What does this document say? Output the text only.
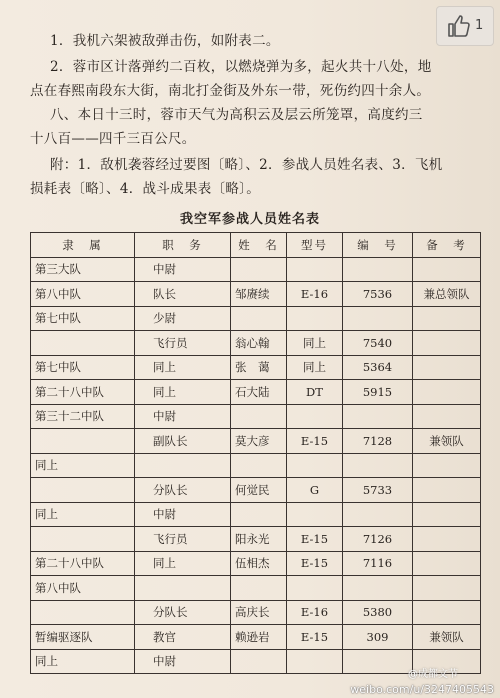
1
1．我机六架被敌弹击伤，如附表二。
2．蓉市区计落弹约二百枚，以燃烧弹为多，起火共十八处，地
点在春熙南段东大街，南北打金街及外东一带，死伤约四十余人。
八、本日十三时，蓉市天气为高积云及层云所笼罩，高度约三
十八百——四千三百公尺。
附：1．敌机袭蓉经过要图〔略〕、2．参战人员姓名表、3．飞机
损耗表〔略〕、4．战斗成果表〔略〕。
我空军参战人员姓名表
隶　属	职　务	姓　名	型号	编　号	备　考
第三大队	中尉				
第八中队	队长	邹赓续	E-16	7536	兼总领队
第七中队	少尉				
	飞行员	翁心翰	同上	7540	
第七中队	同上	张　蔼	同上	5364	
第二十八中队	同上	石大陆	DT	5915	
第三十二中队	中尉				
	副队长	莫大彦	E-15	7128	兼领队
同上					
	分队长	何觉民	G	5733	
同上	中尉				
	飞行员	阳永光	E-15	7126	
第二十八中队	同上	伍相杰	E-15	7116	
第八中队					
	分队长	高庆长	E-16	5380	
暂编驱逐队	教官	赖逊岩	E-15	309	兼领队
同上	中尉				
@成都文节
weibo.com/u/3247405543
